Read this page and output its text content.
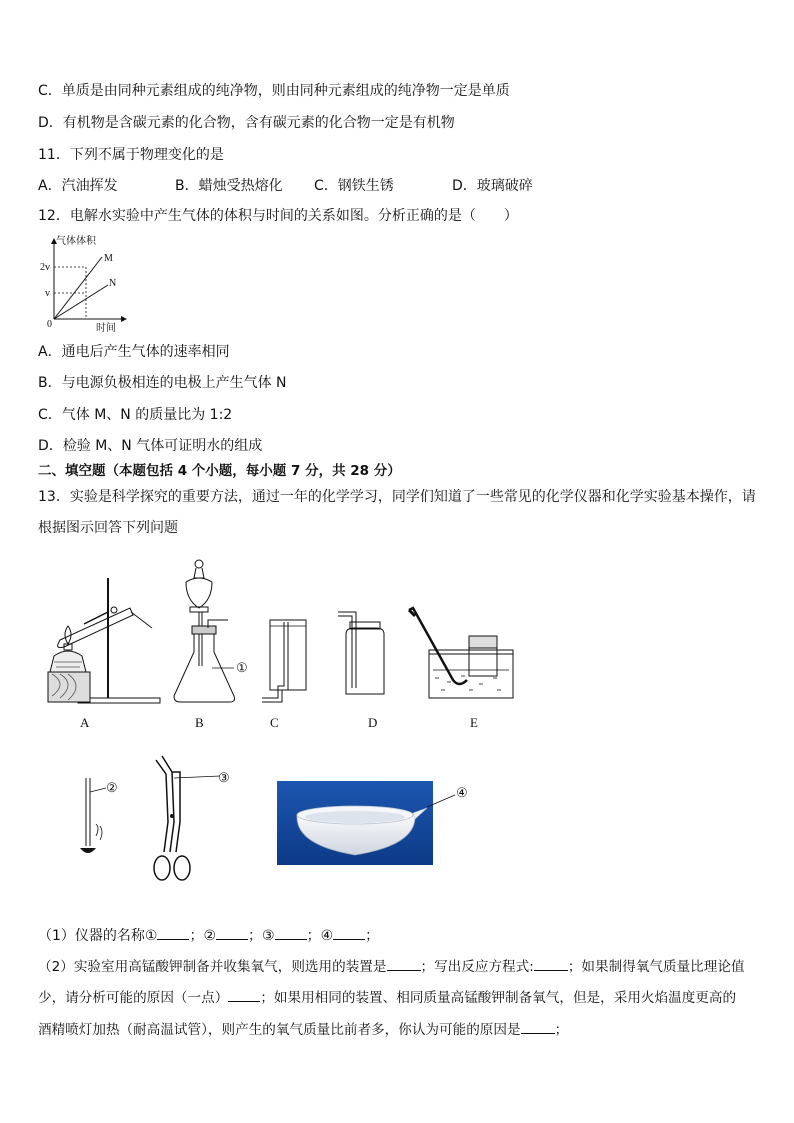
C．单质是由同种元素组成的纯净物，则由同种元素组成的纯净物一定是单质
D．有机物是含碳元素的化合物，含有碳元素的化合物一定是有机物
11．下列不属于物理变化的是
A．汽油挥发	B．蜡烛受热熔化 C．钢铁生锈	D．玻璃破碎
12．电解水实验中产生气体的体积与时间的关系如图。分析正确的是（　　）
气体体积
时间
2v
v
0
M
N
A．通电后产生气体的速率相同
B．与电源负极相连的电极上产生气体 N
C．气体 M、N 的质量比为 1:2
D．检验 M、N 气体可证明水的组成
二、填空题（本题包括 4 个小题，每小题 7 分，共 28 分）
13．实验是科学探究的重要方法，通过一年的化学学习，同学们知道了一些常见的化学仪器和化学实验基本操作，请
根据图示回答下列问题
A
①
B	C	D	E
②
③
④
（1）仪器的名称① ；② ；③ ；④ ；
（2）实验室用高锰酸钾制备并收集氧气，则选用的装置是	；写出反应方程式:	；如果制得氧气质量比理论值
少，请分析可能的原因（一点） ；如果用相同的装置、相同质量高锰酸钾制备氧气，但是，采用火焰温度更高的
酒精喷灯加热（耐高温试管），则产生的氧气质量比前者多，你认为可能的原因是	；
